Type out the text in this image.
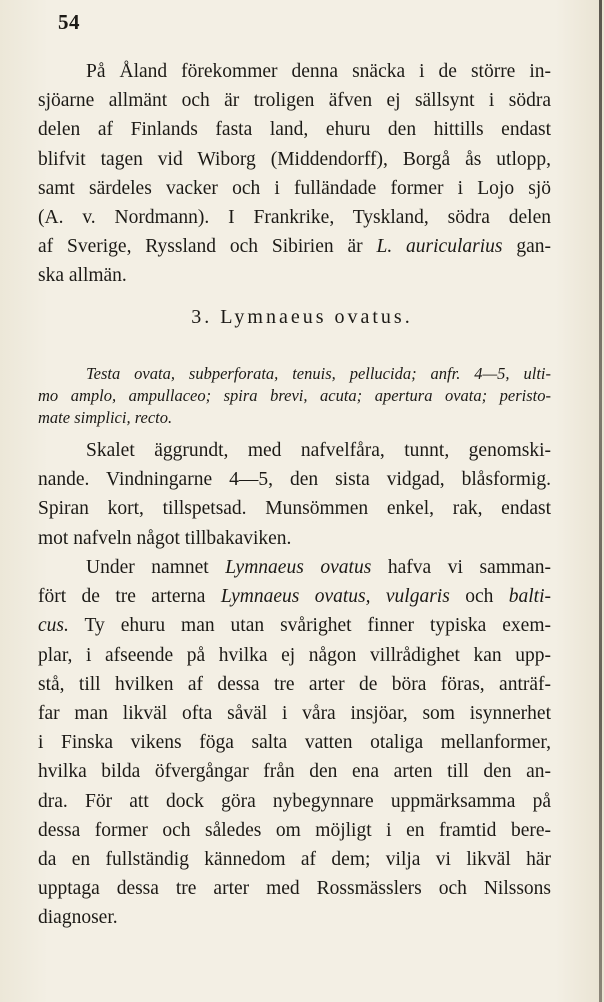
54
På Åland förekommer denna snäcka i de större in-
sjöarne allmänt och är troligen äfven ej sällsynt i södra
delen af Finlands fasta land, ehuru den hittills endast
blifvit tagen vid Wiborg (Middendorff), Borgå ås utlopp,
samt särdeles vacker och i fulländade former i Lojo sjö
(A. v. Nordmann). I Frankrike, Tyskland, södra delen
af Sverige, Ryssland och Sibirien är L. auricularius gan-
ska allmän.
3. Lymnaeus ovatus.
Testa ovata, subperforata, tenuis, pellucida; anfr. 4—5, ulti-
mo amplo, ampullaceo; spira brevi, acuta; apertura ovata; peristo-
mate simplici, recto.
Skalet äggrundt, med nafvelfåra, tunnt, genomski-
nande. Vindningarne 4—5, den sista vidgad, blåsformig.
Spiran kort, tillspetsad. Munsömmen enkel, rak, endast
mot nafveln något tillbakaviken.
Under namnet Lymnaeus ovatus hafva vi samman-
fört de tre arterna Lymnaeus ovatus, vulgaris och balti-
cus. Ty ehuru man utan svårighet finner typiska exem-
plar, i afseende på hvilka ej någon villrådighet kan upp-
stå, till hvilken af dessa tre arter de böra föras, anträf-
far man likväl ofta såväl i våra insjöar, som isynnerhet
i Finska vikens föga salta vatten otaliga mellanformer,
hvilka bilda öfvergångar från den ena arten till den an-
dra. För att dock göra nybegynnare uppmärksamma på
dessa former och således om möjligt i en framtid bere-
da en fullständig kännedom af dem; vilja vi likväl här
upptaga dessa tre arter med Rossmässlers och Nilssons
diagnoser.
